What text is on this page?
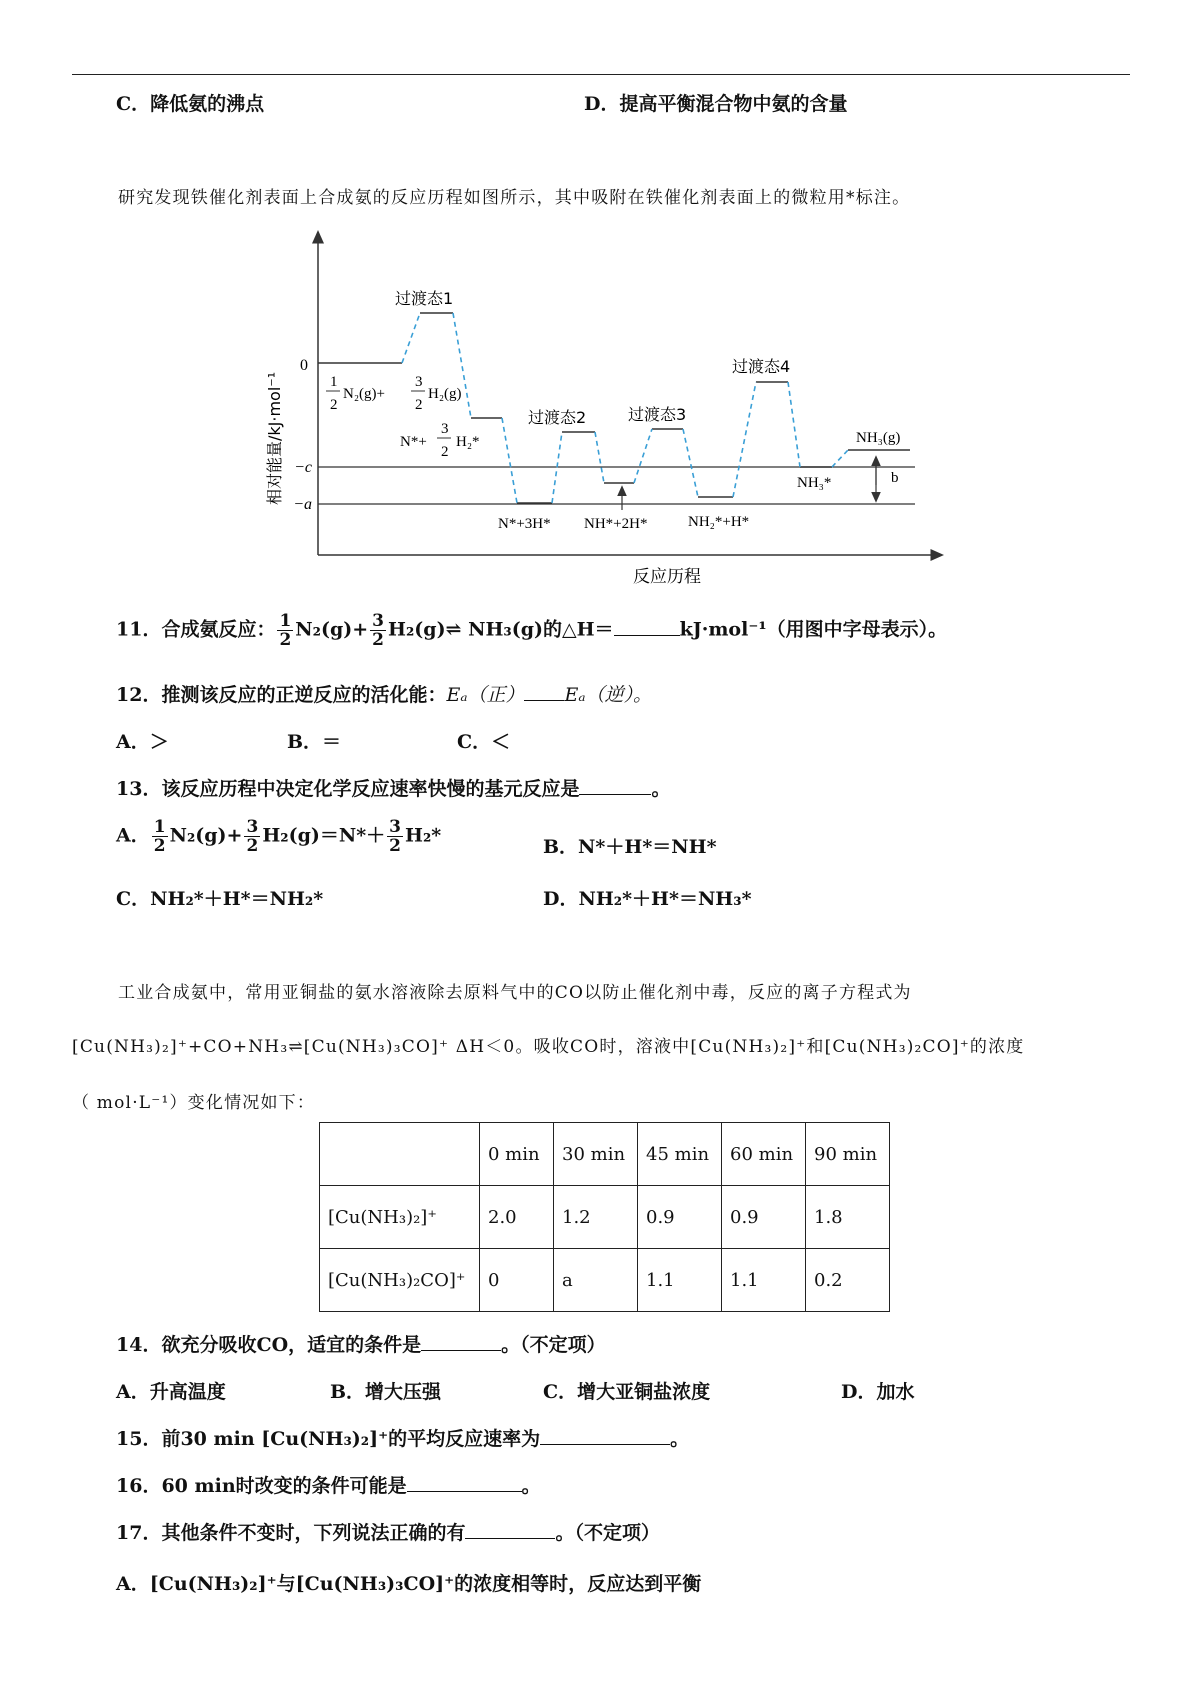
C．降低氨的沸点	D．提高平衡混合物中氨的含量
研究发现铁催化剂表面上合成氨的反应历程如图所示，其中吸附在铁催化剂表面上的微粒用*标注。
0
−c
−a
相对能量/kJ·mol⁻¹
反应历程
过渡态1
过渡态2	过渡态3
过渡态4
1
2
N₂(g)+
3
2
H₂(g)
N*+
3
2
H₂*
N*+3H* NH*+2H*	NH₂*+H*
NH₃*
NH₃(g)
b
11．合成氨反应： $\frac{1}{2} N_2(g)+ \frac{3}{2}$ H₂(g)⇌ NH₃(g)的△H＝	kJ·mol⁻¹（用图中字母表示）。
12．推测该反应的正逆反应的活化能：Eₐ（正） Eₐ（逆）。
A．＞	B．＝	C．＜
13．该反应历程中决定化学反应速率快慢的基元反应是	。
A． $\frac{1}{2} N_2(g)+ \frac{3}{2} H_2(g)=N*+ \frac{3}{2} H_2*$
B．N*＋H*＝NH*
C．NH₂*＋H*＝NH₂*	D．NH₂*＋H*＝NH₃*
工业合成氨中，常用亚铜盐的氨水溶液除去原料气中的CO以防止催化剂中毒，反应的离子方程式为
[Cu(NH₃)₂]⁺+CO+NH₃⇌[Cu(NH₃)₃CO]⁺ ΔH＜0。吸收CO时，溶液中[Cu(NH₃)₂]⁺和[Cu(NH₃)₂CO]⁺的浓度
（ mol·L⁻¹）变化情况如下：
	0 min	30 min	45 min	60 min	90 min
[Cu(NH₃)₂]⁺	2.0	1.2	0.9	0.9	1.8
[Cu(NH₃)₂CO]⁺	0	a	1.1	1.1	0.2
14．欲充分吸收CO，适宜的条件是	。（不定项）
A．升高温度	B．增大压强	C．增大亚铜盐浓度	D．加水
15．前30 min [Cu(NH₃)₂]⁺的平均反应速率为	。
16．60 min时改变的条件可能是	。
17．其他条件不变时，下列说法正确的有	。（不定项）
A．[Cu(NH₃)₂]⁺与[Cu(NH₃)₃CO]⁺的浓度相等时，反应达到平衡
